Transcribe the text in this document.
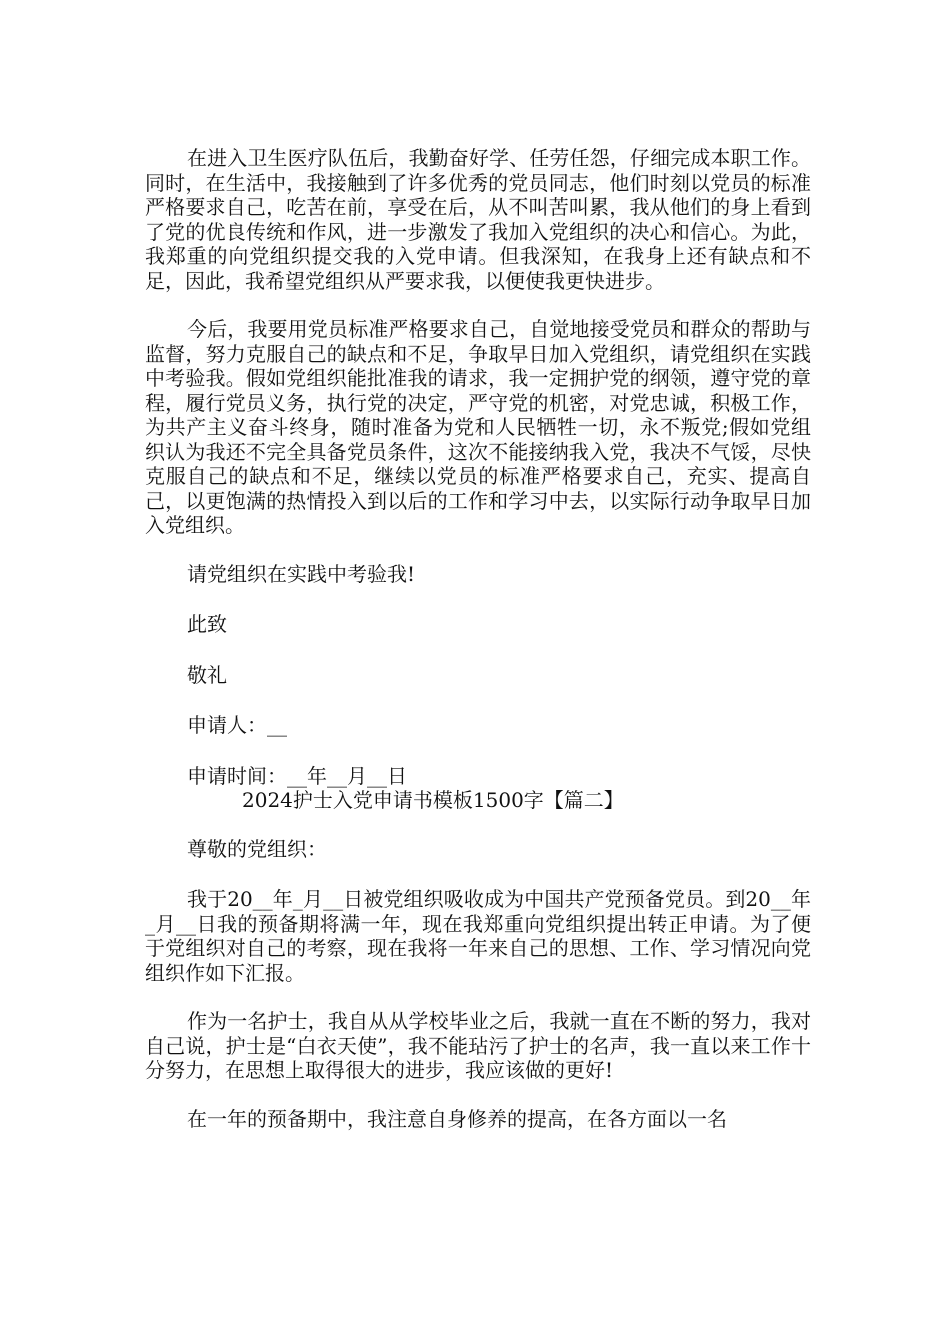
在进入卫生医疗队伍后，我勤奋好学、任劳任怨，仔细完成本职工作。同时，在生活中，我接触到了许多优秀的党员同志，他们时刻以党员的标准严格要求自己，吃苦在前，享受在后，从不叫苦叫累，我从他们的身上看到了党的优良传统和作风，进一步激发了我加入党组织的决心和信心。为此，我郑重的向党组织提交我的入党申请。但我深知，在我身上还有缺点和不足，因此，我希望党组织从严要求我，以便使我更快进步。

今后，我要用党员标准严格要求自己，自觉地接受党员和群众的帮助与监督，努力克服自己的缺点和不足，争取早日加入党组织，请党组织在实践中考验我。假如党组织能批准我的请求，我一定拥护党的纲领，遵守党的章程，履行党员义务，执行党的决定，严守党的机密，对党忠诚，积极工作，为共产主义奋斗终身，随时准备为党和人民牺牲一切，永不叛党;假如党组织认为我还不完全具备党员条件，这次不能接纳我入党，我决不气馁，尽快克服自己的缺点和不足，继续以党员的标准严格要求自己，充实、提高自己，以更饱满的热情投入到以后的工作和学习中去，以实际行动争取早日加入党组织。

请党组织在实践中考验我!

此致

敬礼

申请人：__

申请时间：__年__月__日

2024护士入党申请书模板1500字【篇二】

尊敬的党组织：

我于20__年_月__日被党组织吸收成为中国共产党预备党员。到20__年_月__日我的预备期将满一年，现在我郑重向党组织提出转正申请。为了便于党组织对自己的考察，现在我将一年来自己的思想、工作、学习情况向党组织作如下汇报。

作为一名护士，我自从从学校毕业之后，我就一直在不断的努力，我对自己说，护士是“白衣天使”，我不能玷污了护士的名声，我一直以来工作十分努力，在思想上取得很大的进步，我应该做的更好!

在一年的预备期中，我注意自身修养的提高，在各方面以一名
